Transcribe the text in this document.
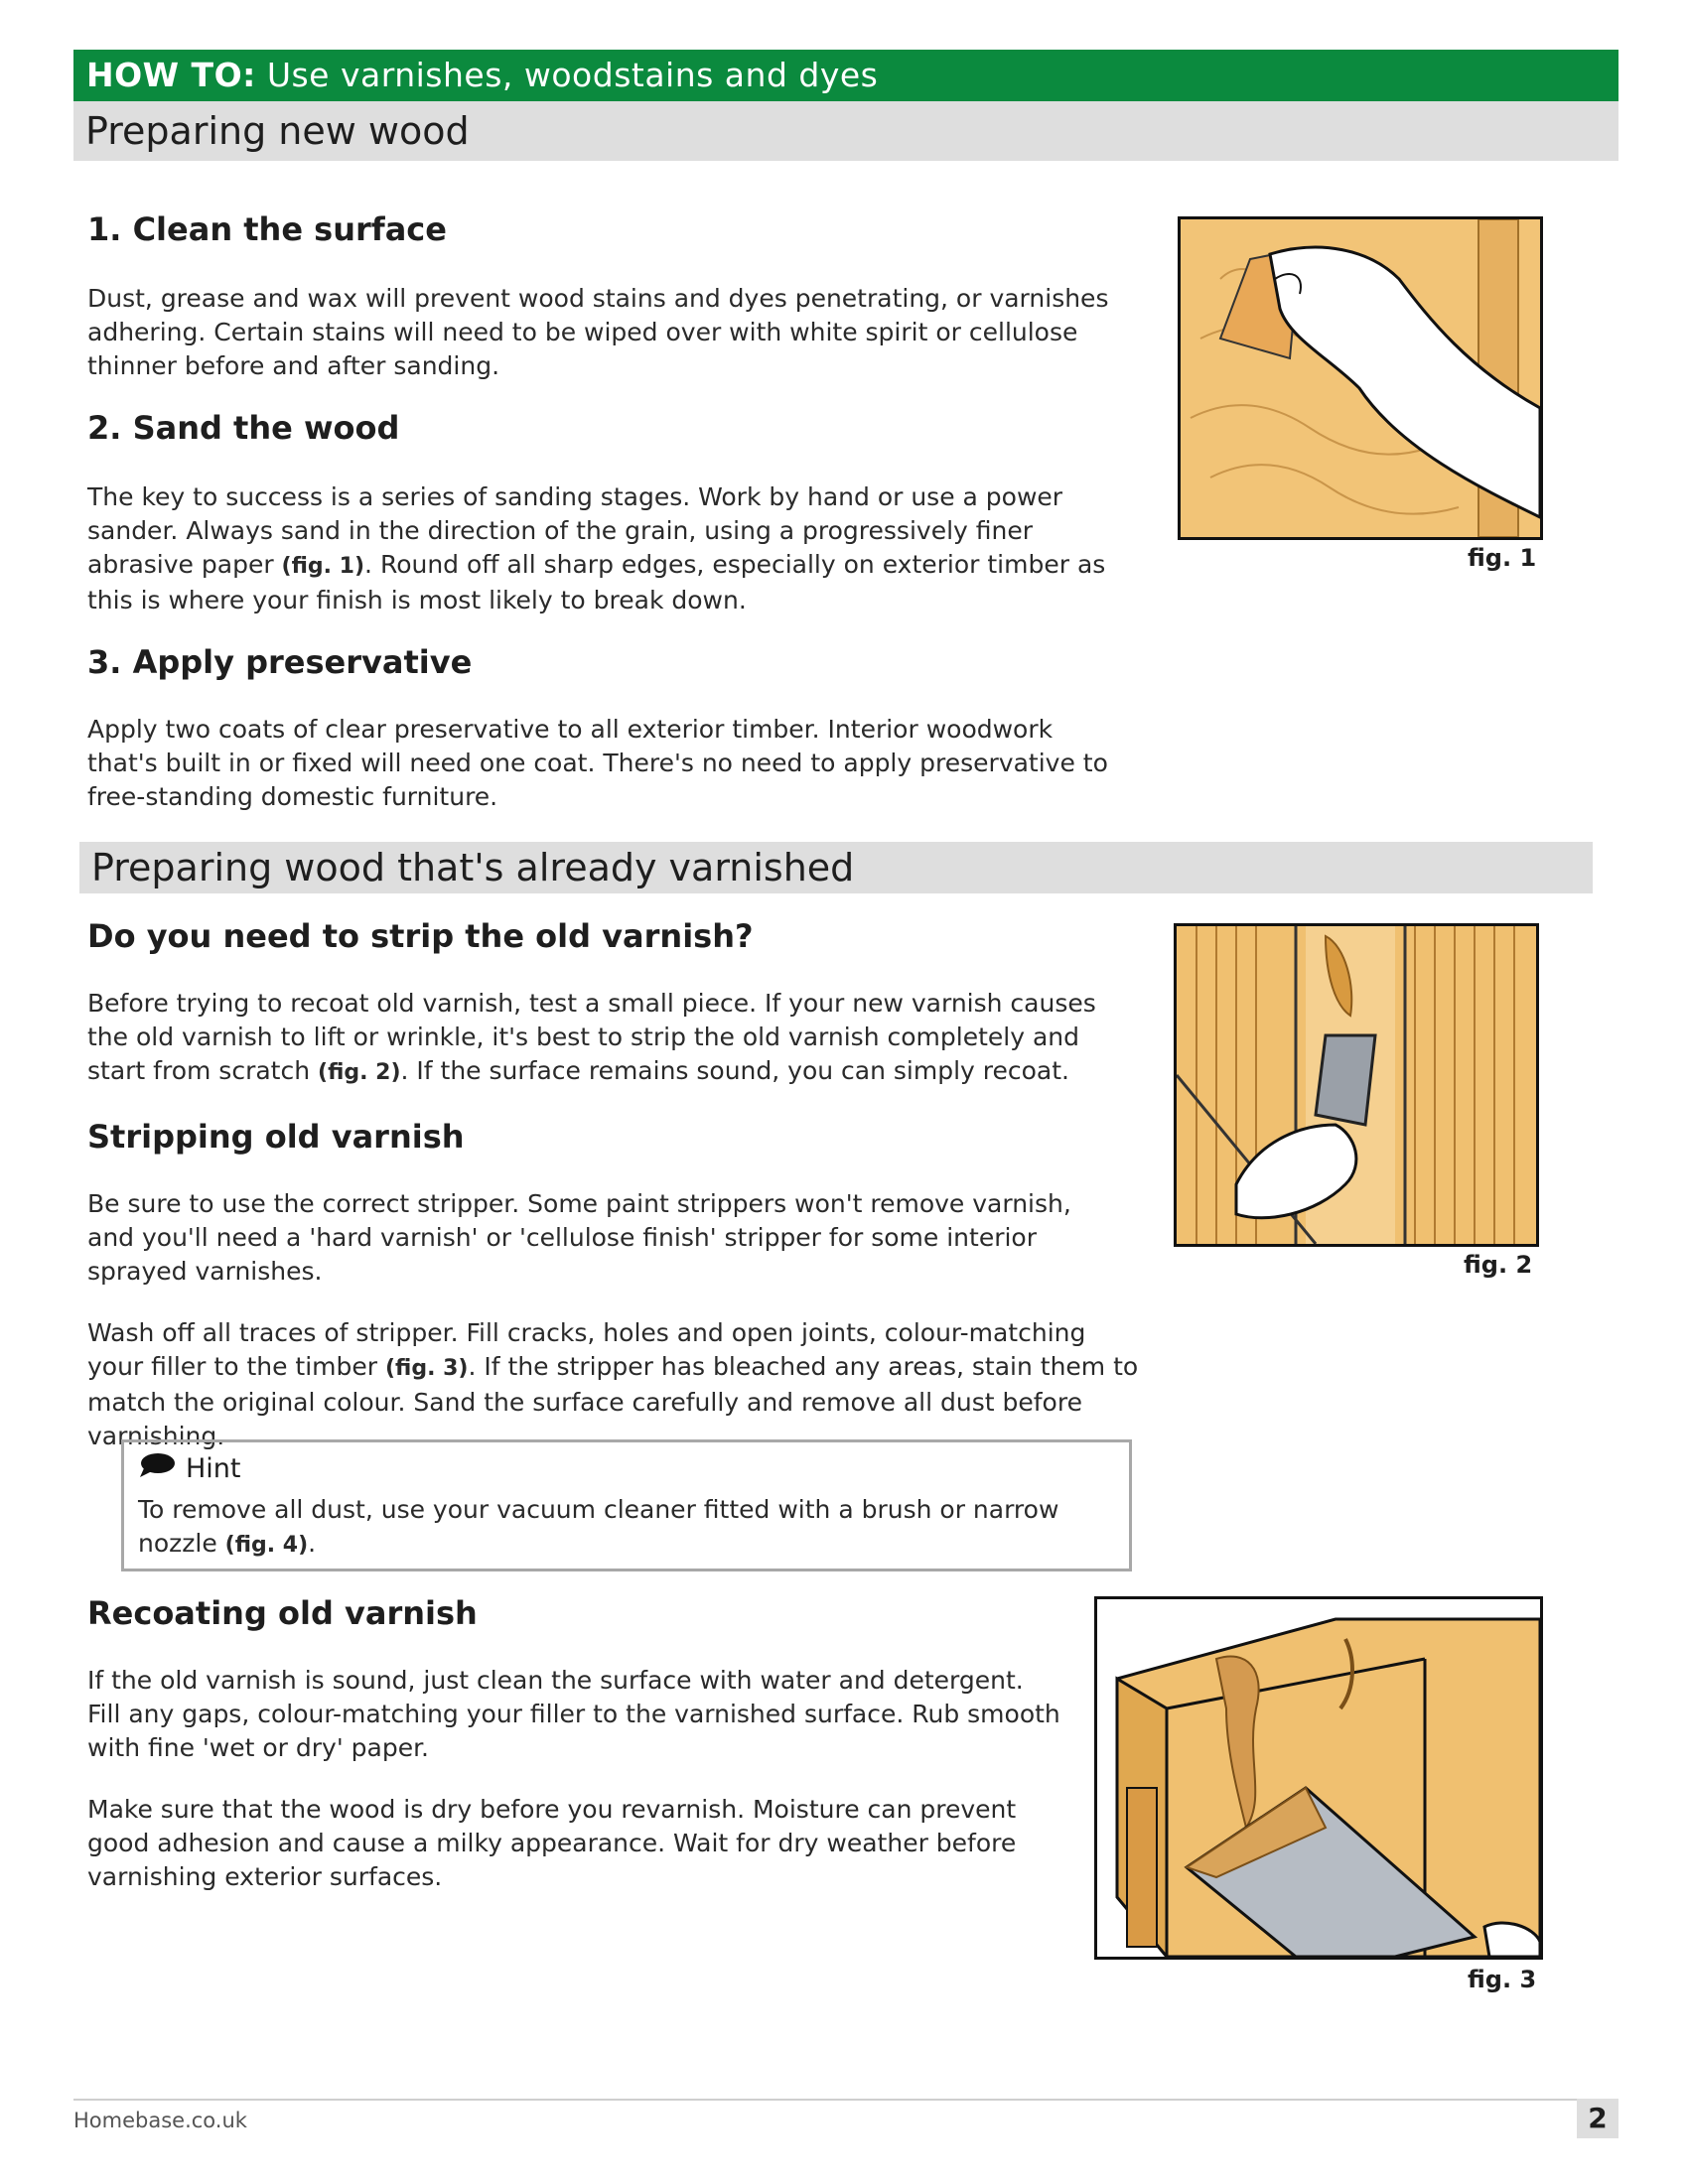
HOW TO: Use varnishes, woodstains and dyes
Preparing new wood
1. Clean the surface

Dust, grease and wax will prevent wood stains and dyes penetrating, or varnishes adhering. Certain stains will need to be wiped over with white spirit or cellulose thinner before and after sanding.

2. Sand the wood

The key to success is a series of sanding stages. Work by hand or use a power sander. Always sand in the direction of the grain, using a progressively finer abrasive paper (fig. 1). Round off all sharp edges, especially on exterior timber as this is where your finish is most likely to break down.

3. Apply preservative

Apply two coats of clear preservative to all exterior timber. Interior woodwork that's built in or fixed will need one coat. There's no need to apply preservative to free-standing domestic furniture.

fig. 1
Preparing wood that's already varnished
Do you need to strip the old varnish?

Before trying to recoat old varnish, test a small piece. If your new varnish causes the old varnish to lift or wrinkle, it's best to strip the old varnish completely and start from scratch (fig. 2). If the surface remains sound, you can simply recoat.

Stripping old varnish

Be sure to use the correct stripper. Some paint strippers won't remove varnish, and you'll need a 'hard varnish' or 'cellulose finish' stripper for some interior sprayed varnishes.

Wash off all traces of stripper. Fill cracks, holes and open joints, colour-matching your filler to the timber (fig. 3). If the stripper has bleached any areas, stain them to match the original colour. Sand the surface carefully and remove all dust before varnishing.

fig. 2
Hint

To remove all dust, use your vacuum cleaner fitted with a brush or narrow nozzle (fig. 4).

Recoating old varnish

If the old varnish is sound, just clean the surface with water and detergent. Fill any gaps, colour-matching your filler to the varnished surface. Rub smooth with fine 'wet or dry' paper.

Make sure that the wood is dry before you revarnish. Moisture can prevent good adhesion and cause a milky appearance. Wait for dry weather before varnishing exterior surfaces.

fig. 3
Homebase.co.uk	2
